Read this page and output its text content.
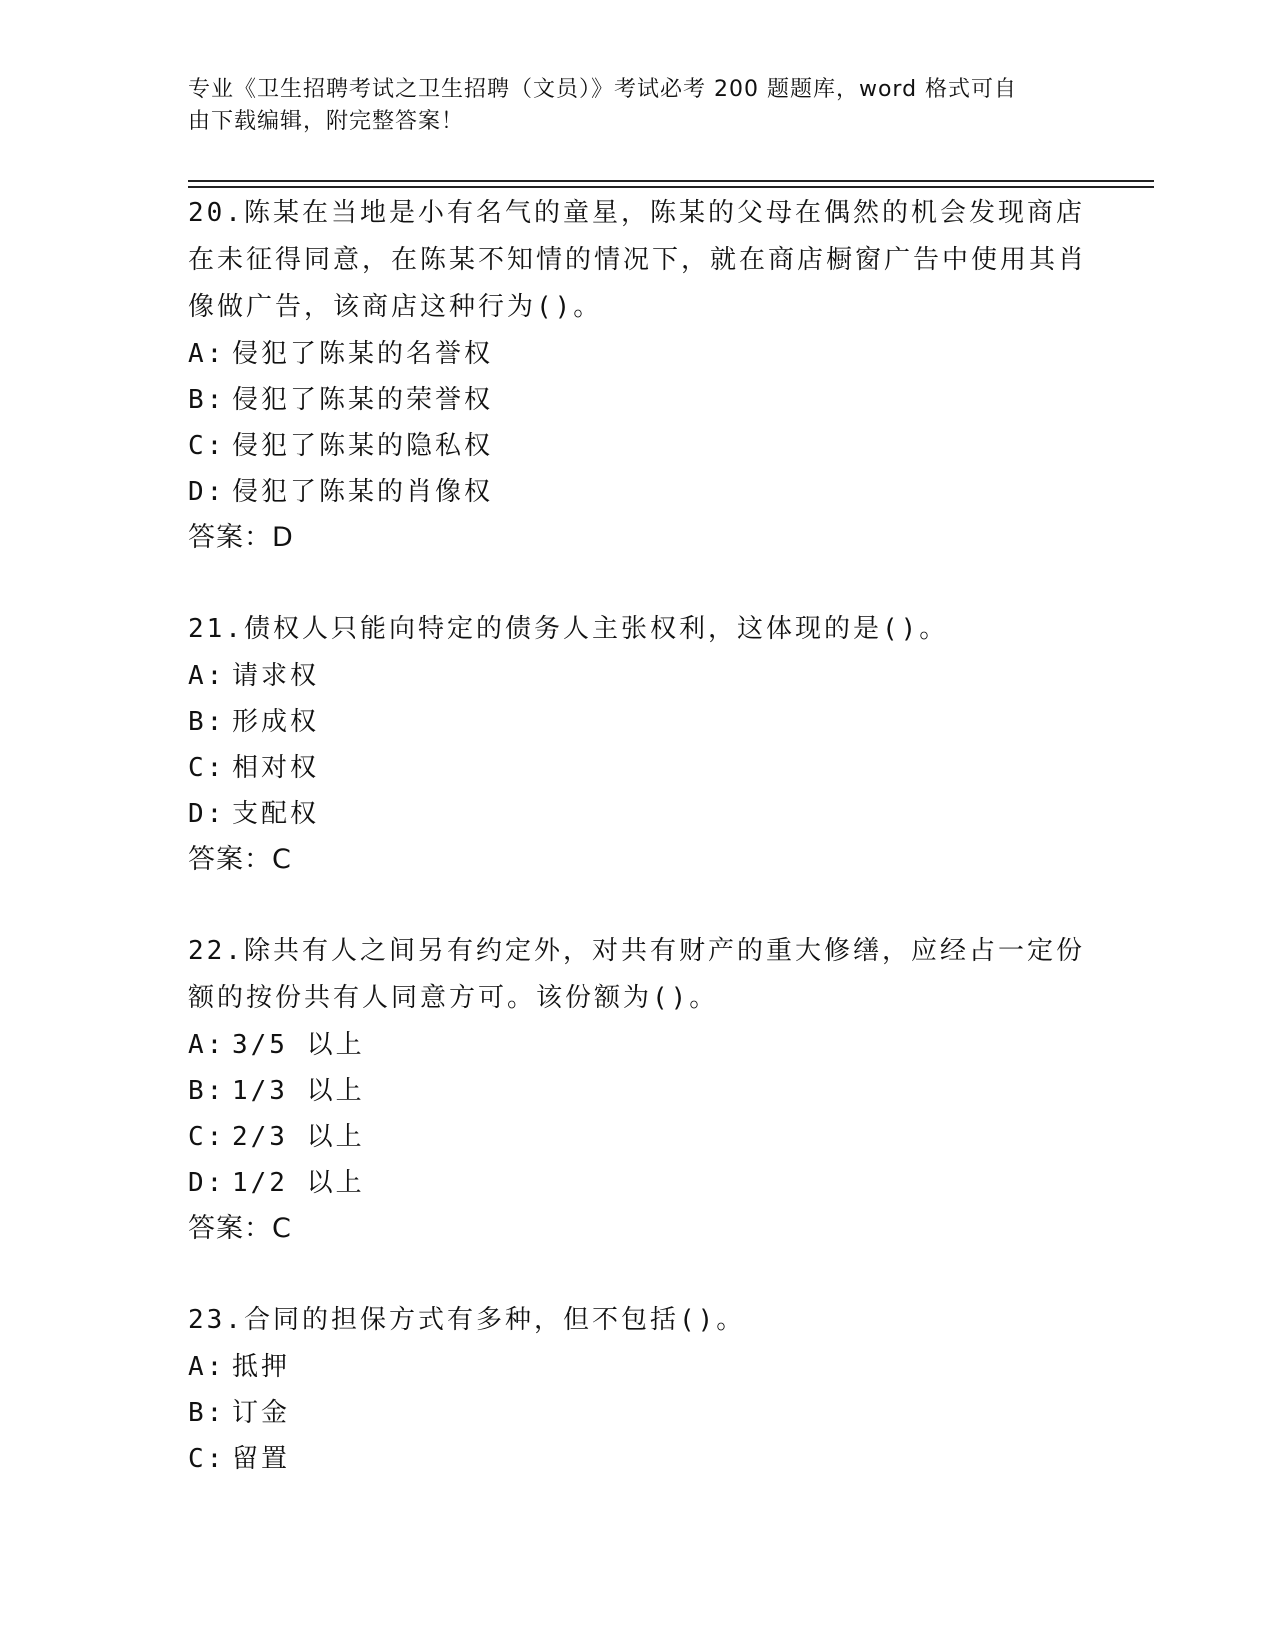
专业《卫生招聘考试之卫生招聘（文员）》考试必考 200 题题库，word 格式可自
由下载编辑，附完整答案！
20.陈某在当地是小有名气的童星，陈某的父母在偶然的机会发现商店在未征得同意，在陈某不知情的情况下，就在商店橱窗广告中使用其肖像做广告，该商店这种行为()。
A: 侵犯了陈某的名誉权
B: 侵犯了陈某的荣誉权
C: 侵犯了陈某的隐私权
D: 侵犯了陈某的肖像权
答案： D
21.债权人只能向特定的债务人主张权利，这体现的是()。
A: 请求权
B: 形成权
C: 相对权
D: 支配权
答案： C
22.除共有人之间另有约定外，对共有财产的重大修缮，应经占一定份额的按份共有人同意方可。该份额为()。
A: 3/5 以上
B: 1/3 以上
C: 2/3 以上
D: 1/2 以上
答案： C
23.合同的担保方式有多种，但不包括()。
A: 抵押
B: 订金
C: 留置
